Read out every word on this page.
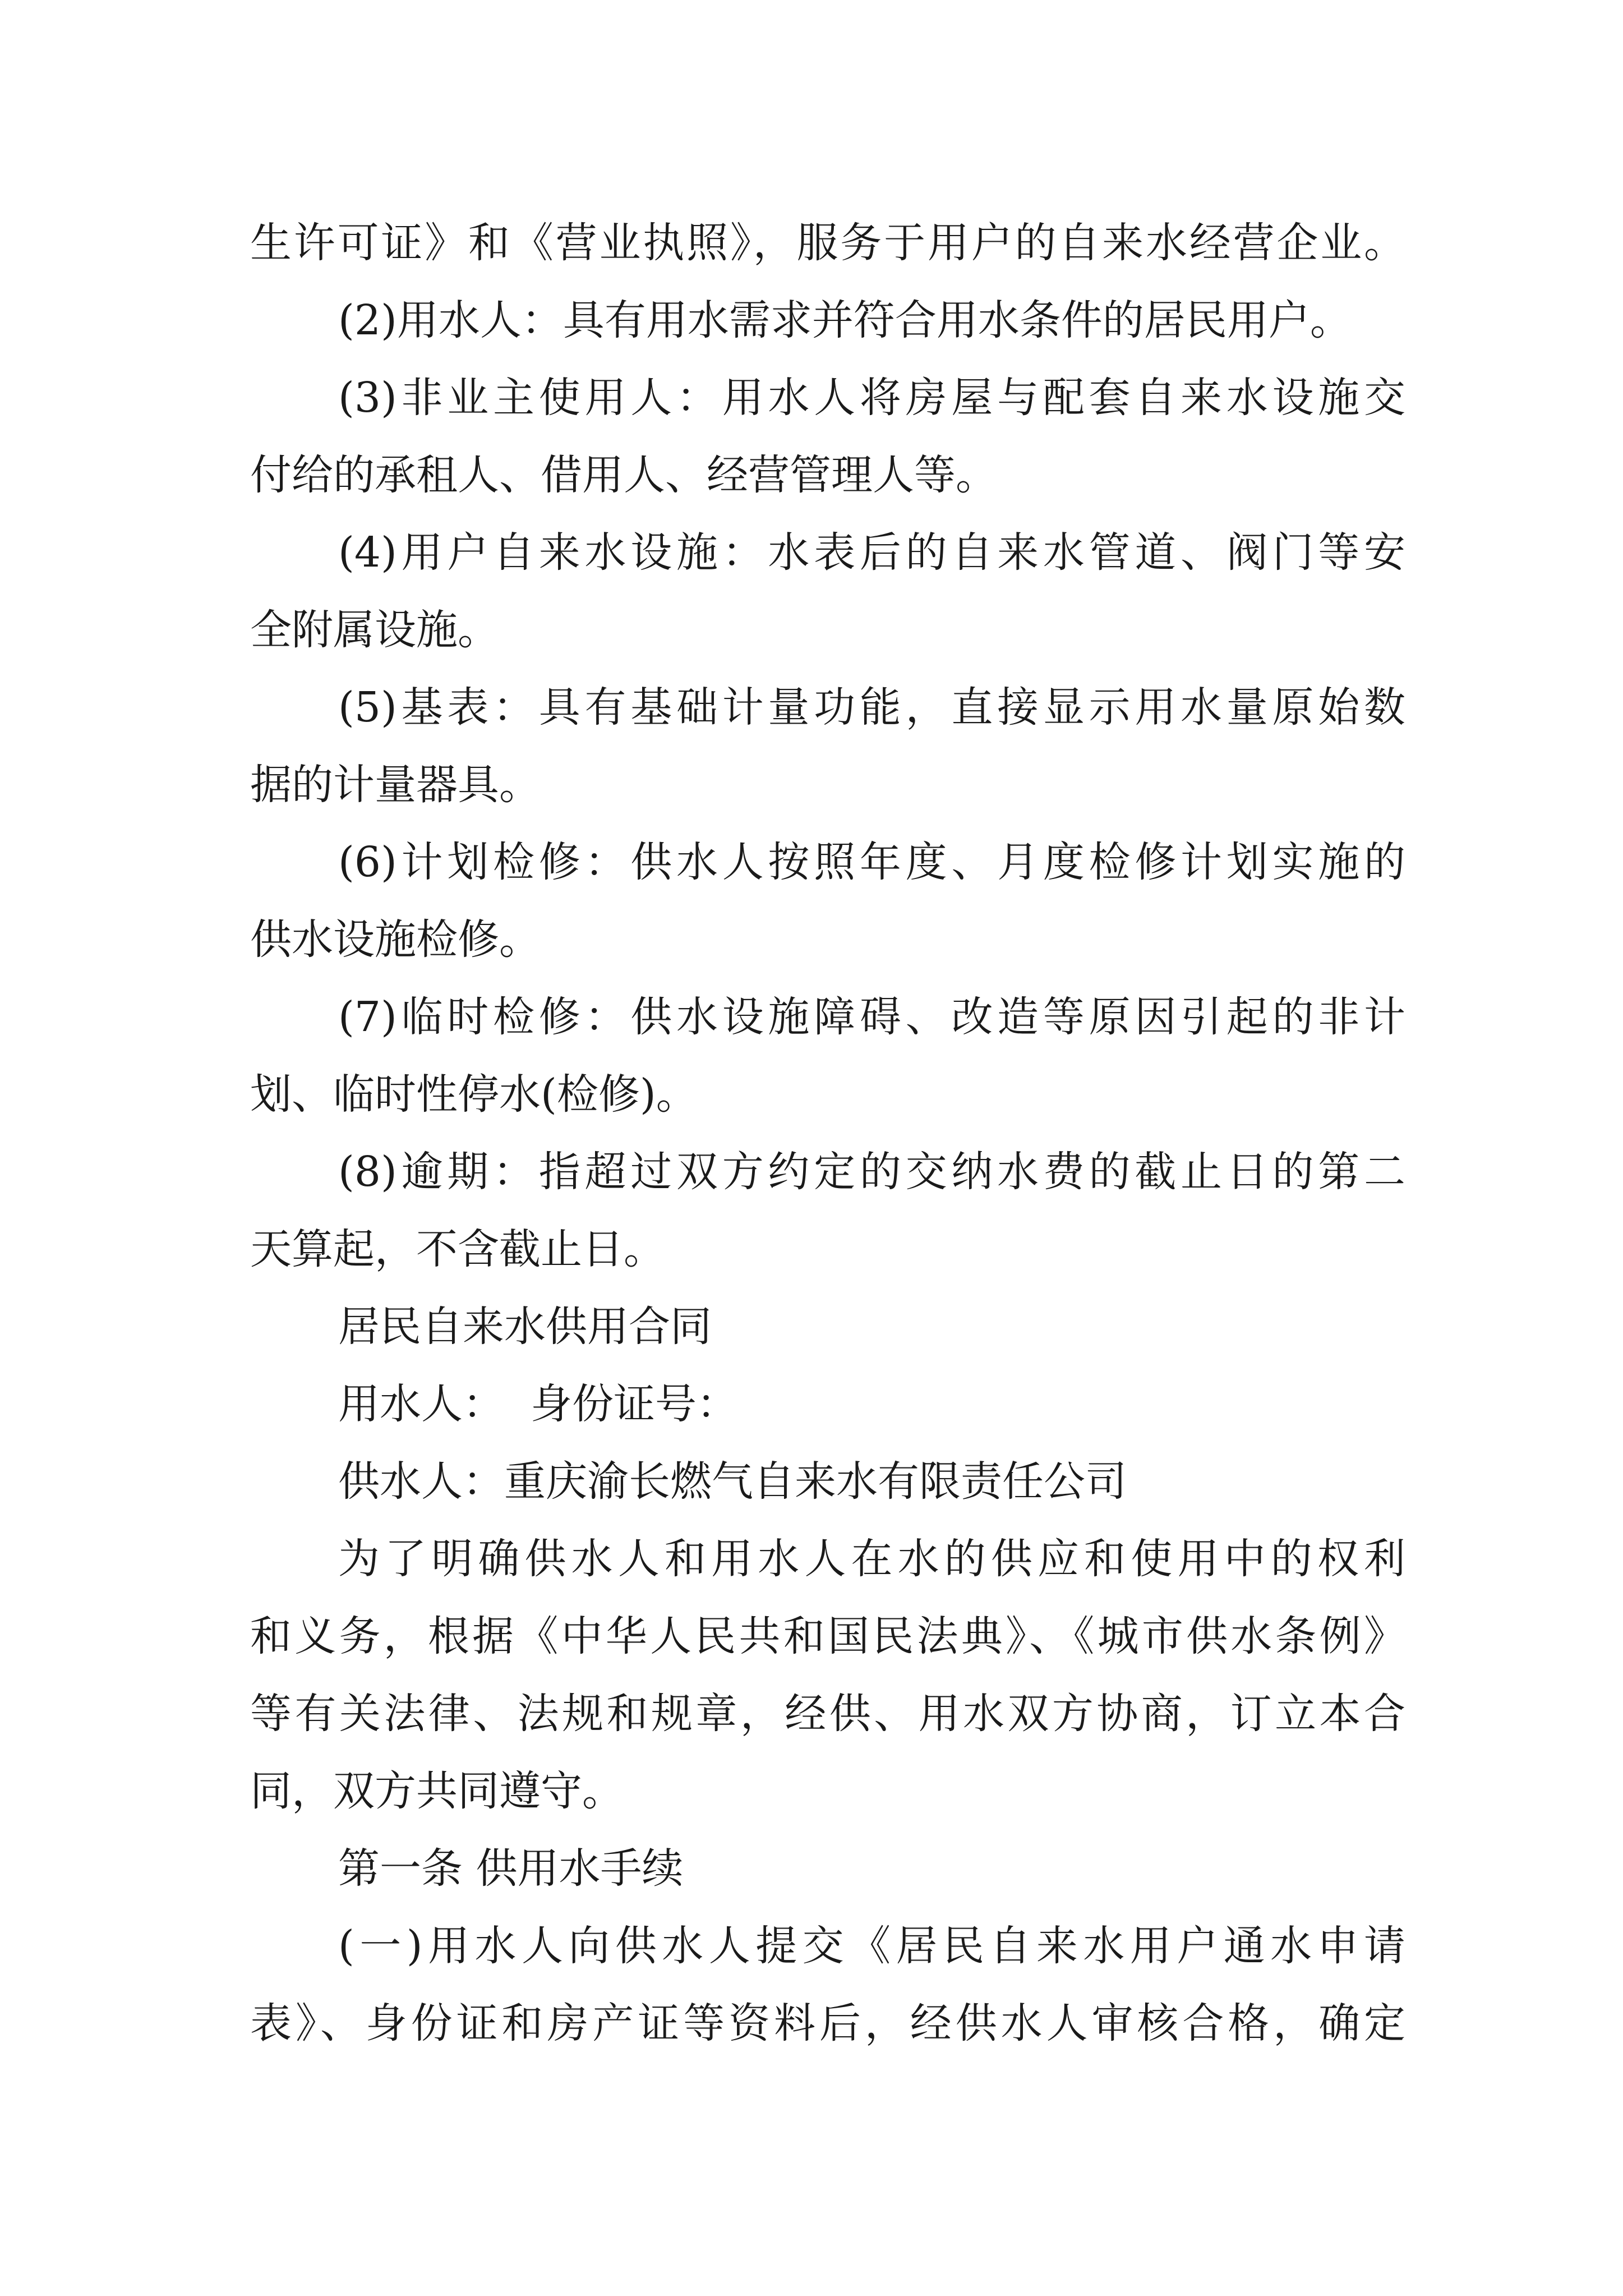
生许可证》和《营业执照》，服务于用户的自来水经营企业。
(2)用水人：具有用水需求并符合用水条件的居民用户。
(3)非业主使用人：用水人将房屋与配套自来水设施交
付给的承租人、借用人、经营管理人等。
(4)用户自来水设施：水表后的自来水管道、阀门等安
全附属设施。
(5)基表：具有基础计量功能，直接显示用水量原始数
据的计量器具。
(6)计划检修：供水人按照年度、月度检修计划实施的
供水设施检修。
(7)临时检修：供水设施障碍、改造等原因引起的非计
划、临时性停水(检修)。
(8)逾期：指超过双方约定的交纳水费的截止日的第二
天算起，不含截止日。
居民自来水供用合同
用水人：  身份证号：
供水人：重庆渝长燃气自来水有限责任公司
为了明确供水人和用水人在水的供应和使用中的权利
和义务，根据《中华人民共和国民法典》、《城市供水条例》
等有关法律、法规和规章，经供、用水双方协商，订立本合
同，双方共同遵守。
第一条 供用水手续
(一)用水人向供水人提交《居民自来水用户通水申请
表》、身份证和房产证等资料后，经供水人审核合格，确定
